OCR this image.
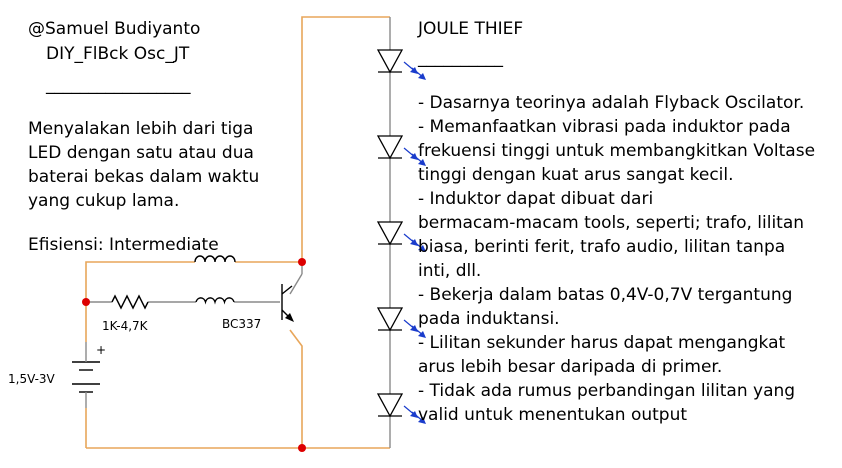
@Samuel Budiyanto
DIY_FlBck Osc_JT
_________________
Menyalakan lebih dari tiga
LED dengan satu atau dua
baterai bekas dalam waktu
yang cukup lama.
Efisiensi: Intermediate
1K-4,7K	BC337
+
1,5V-3V
JOULE THIEF
__________
- Dasarnya teorinya adalah Flyback Oscilator.
- Memanfaatkan vibrasi pada induktor pada
frekuensi tinggi untuk membangkitkan Voltase
tinggi dengan kuat arus sangat kecil.
- Induktor dapat dibuat dari
bermacam-macam tools, seperti; trafo, lilitan
biasa, berinti ferit, trafo audio, lilitan tanpa
inti, dll.
- Bekerja dalam batas 0,4V-0,7V tergantung
pada induktansi.
- Lilitan sekunder harus dapat mengangkat
arus lebih besar daripada di primer.
- Tidak ada rumus perbandingan lilitan yang
valid untuk menentukan output
